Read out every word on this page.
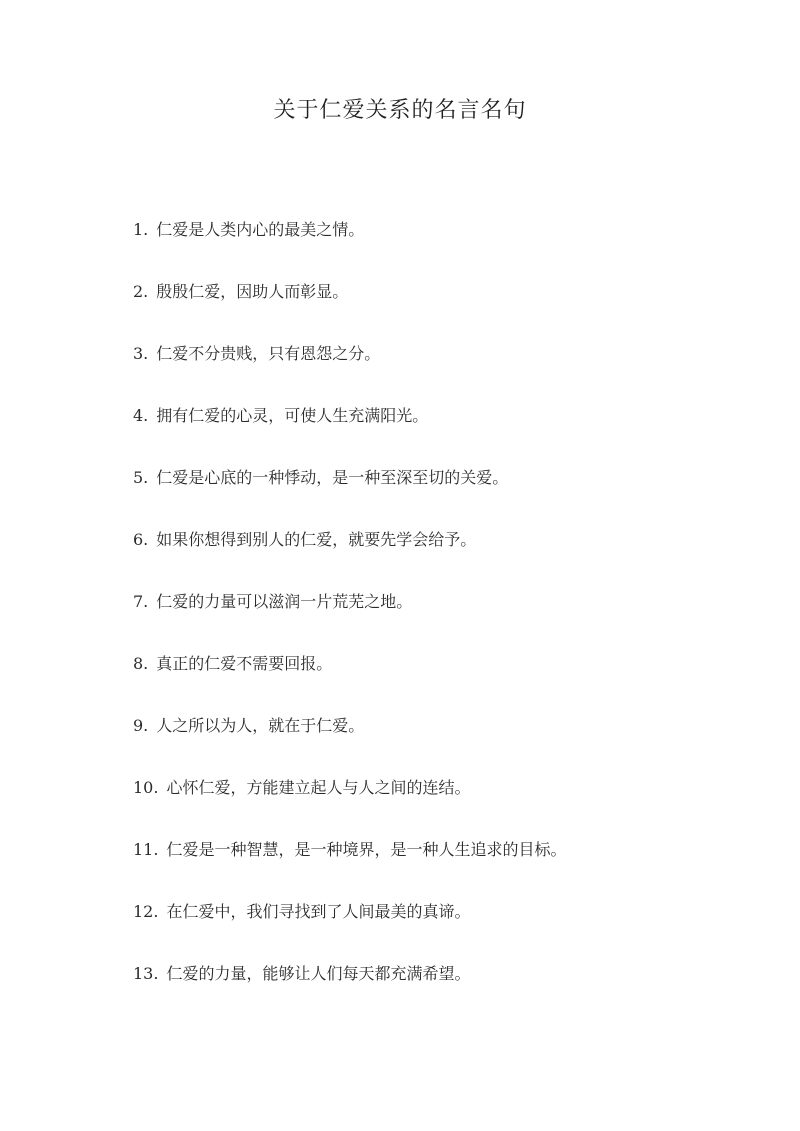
关于仁爱关系的名言名句
1. 仁爱是人类内心的最美之情。
2. 殷殷仁爱，因助人而彰显。
3. 仁爱不分贵贱，只有恩怨之分。
4. 拥有仁爱的心灵，可使人生充满阳光。
5. 仁爱是心底的一种悸动，是一种至深至切的关爱。
6. 如果你想得到别人的仁爱，就要先学会给予。
7. 仁爱的力量可以滋润一片荒芜之地。
8. 真正的仁爱不需要回报。
9. 人之所以为人，就在于仁爱。
10. 心怀仁爱，方能建立起人与人之间的连结。
11. 仁爱是一种智慧，是一种境界，是一种人生追求的目标。
12. 在仁爱中，我们寻找到了人间最美的真谛。
13. 仁爱的力量，能够让人们每天都充满希望。
